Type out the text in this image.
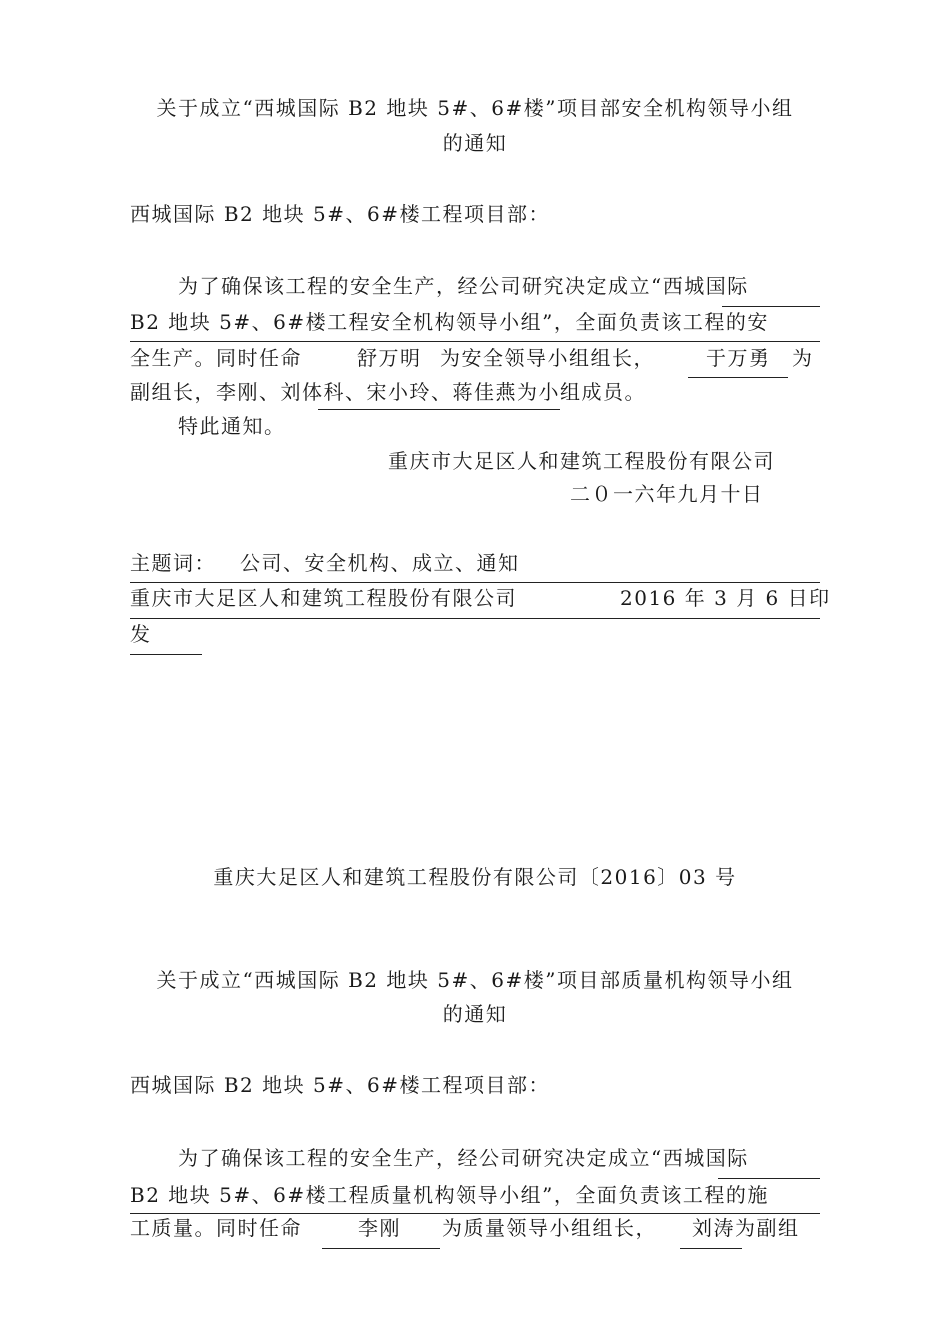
关于成立“西城国际 B2 地块 5#、6#楼”项目部安全机构领导小组
的通知
西城国际 B2 地块 5#、6#楼工程项目部：
为了确保该工程的安全生产，经公司研究决定成立“西城国际
B2 地块 5#、6#楼工程安全机构领导小组”，全面负责该工程的安
全生产。同时任命	舒万明 为安全领导小组组长，	于万勇 为
副组长，李刚、刘体科、宋小玲、蒋佳燕为小组成员。
特此通知。
重庆市大足区人和建筑工程股份有限公司
二０一六年九月十日
主题词： 公司、安全机构、成立、通知
重庆市大足区人和建筑工程股份有限公司	2016 年 3 月 6 日印
发
重庆大足区人和建筑工程股份有限公司〔2016〕03 号
关于成立“西城国际 B2 地块 5#、6#楼”项目部质量机构领导小组
的通知
西城国际 B2 地块 5#、6#楼工程项目部：
为了确保该工程的安全生产，经公司研究决定成立“西城国际
B2 地块 5#、6#楼工程质量机构领导小组”，全面负责该工程的施
工质量。同时任命	李刚 为质量领导小组组长， 刘涛为副组
